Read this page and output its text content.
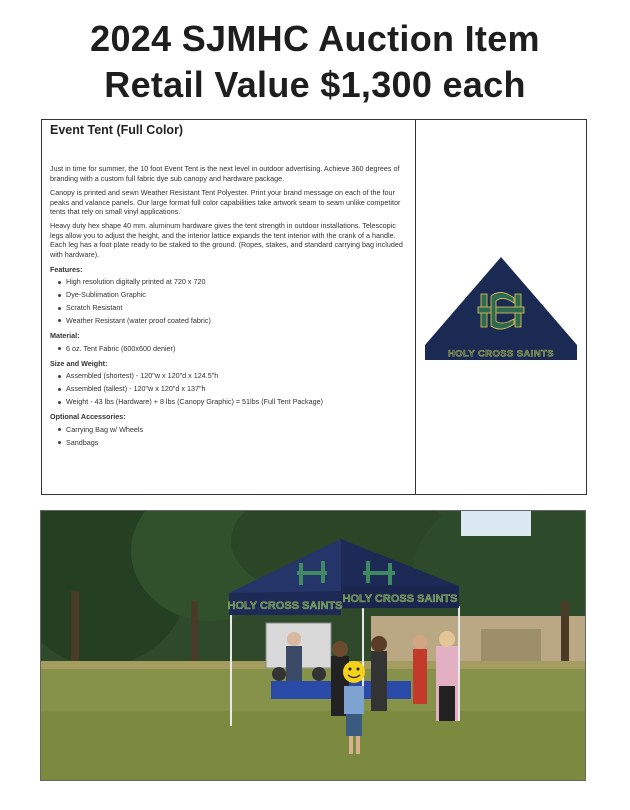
2024 SJMHC Auction Item
Retail Value $1,300 each
Event Tent (Full Color)

Just in time for summer, the 10 foot Event Tent is the next level in outdoor advertising. Achieve 360 degrees of branding with a custom full fabric dye sub canopy and hardware package.

Canopy is printed and sewn Weather Resistant Tent Polyester. Print your brand message on each of the four peaks and valance panels. Our large format full color capabilities take artwork seam to seam unlike competitor tents that rely on small vinyl applications.

Heavy duty hex shape 40 mm. aluminum hardware gives the tent strength in outdoor installations. Telescopic legs allow you to adjust the height, and the interior lattice expands the tent interior with the crank of a handle. Each leg has a foot plate ready to be staked to the ground. (Ropes, stakes, and standard carrying bag included with hardware).

Features:
High resolution digitally printed at 720 x 720
Dye-Sublimation Graphic
Scratch Resistant
Weather Resistant (water proof coated fabric)
Material:
6 oz. Tent Fabric (600x600 denier)
Size and Weight:
Assembled (shortest) - 120"w x 120"d x 124.5"h
Assembled (tallest) - 120"w x 120"d x 137"h
Weight - 43 lbs (Hardware) + 8 lbs (Canopy Graphic) = 51lbs (Full Tent Package)
Optional Accessories:
Carrying Bag w/ Wheels
Sandbags
HOLY CROSS SAINTS
HOLY CROSS SAINTS
HOLY CROSS SAINTS
